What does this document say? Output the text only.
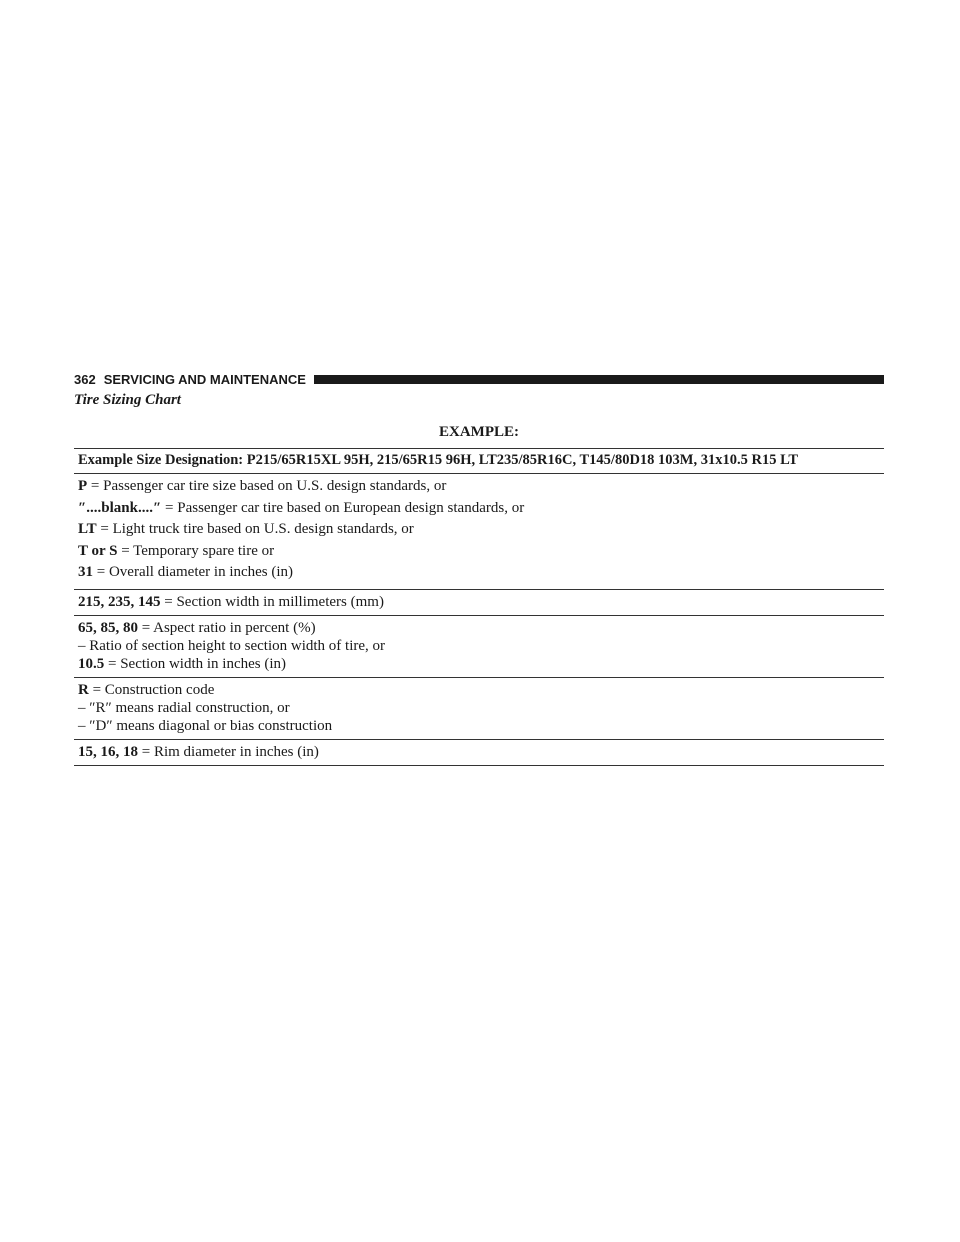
362 SERVICING AND MAINTENANCE
Tire Sizing Chart
EXAMPLE:
Example Size Designation: P215/65R15XL 95H, 215/65R15 96H, LT235/85R16C, T145/80D18 103M, 31x10.5 R15 LT
P = Passenger car tire size based on U.S. design standards, or
″....blank....″ = Passenger car tire based on European design standards, or
LT = Light truck tire based on U.S. design standards, or
T or S = Temporary spare tire or
31 = Overall diameter in inches (in)
215, 235, 145 = Section width in millimeters (mm)
65, 85, 80 = Aspect ratio in percent (%)
– Ratio of section height to section width of tire, or
10.5 = Section width in inches (in)
R = Construction code
– ″R″ means radial construction, or
– ″D″ means diagonal or bias construction
15, 16, 18 = Rim diameter in inches (in)
